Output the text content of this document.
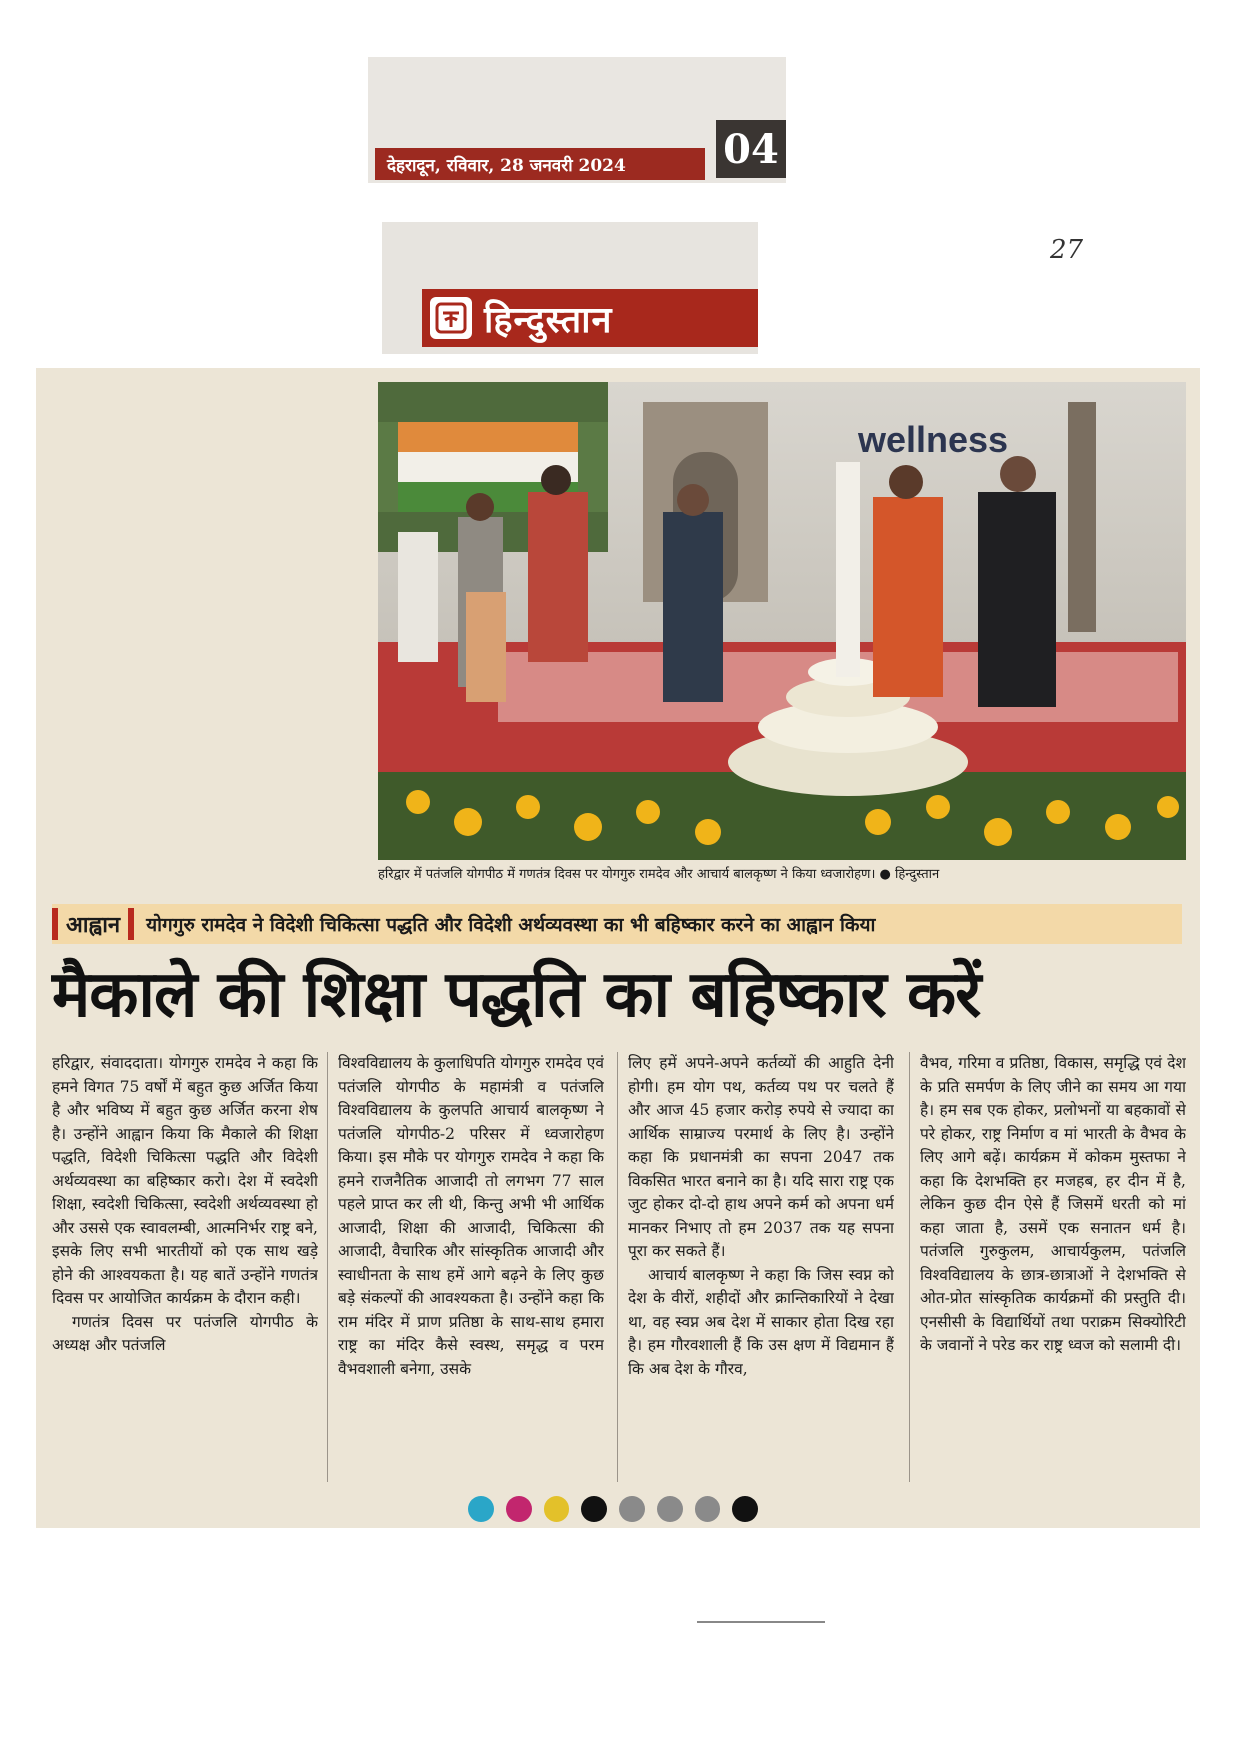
देहरादून, रविवार, 28 जनवरी 2024	04
27
हिन्दुस्तान
wellness
हरिद्वार में पतंजलि योगपीठ में गणतंत्र दिवस पर योगगुरु रामदेव और आचार्य बालकृष्ण ने किया ध्वजारोहण। ● हिन्दुस्तान
आह्वान	योगगुरु रामदेव ने विदेशी चिकित्सा पद्धति और विदेशी अर्थव्यवस्था का भी बहिष्कार करने का आह्वान किया
मैकाले की शिक्षा पद्धति का बहिष्कार करें

हरिद्वार, संवाददाता। योगगुरु रामदेव ने कहा कि हमने विगत 75 वर्षों में बहुत कुछ अर्जित किया है और भविष्य में बहुत कुछ अर्जित करना शेष है। उन्होंने आह्वान किया कि मैकाले की शिक्षा पद्धति, विदेशी चिकित्सा पद्धति और विदेशी अर्थव्यवस्था का बहिष्कार करो। देश में स्वदेशी शिक्षा, स्वदेशी चिकित्सा, स्वदेशी अर्थव्यवस्था हो और उससे एक स्वावलम्बी, आत्मनिर्भर राष्ट्र बने, इसके लिए सभी भारतीयों को एक साथ खड़े होने की आश्वयकता है। यह बातें उन्होंने गणतंत्र दिवस पर आयोजित कार्यक्रम के दौरान कही।

गणतंत्र दिवस पर पतंजलि योगपीठ के अध्यक्ष और पतंजलि

विश्वविद्यालय के कुलाधिपति योगगुरु रामदेव एवं पतंजलि योगपीठ के महामंत्री व पतंजलि विश्वविद्यालय के कुलपति आचार्य बालकृष्ण ने पतंजलि योगपीठ-2 परिसर में ध्वजारोहण किया। इस मौके पर योगगुरु रामदेव ने कहा कि हमने राजनैतिक आजादी तो लगभग 77 साल पहले प्राप्त कर ली थी, किन्तु अभी भी आर्थिक आजादी, शिक्षा की आजादी, चिकित्सा की आजादी, वैचारिक और सांस्कृतिक आजादी और स्वाधीनता के साथ हमें आगे बढ़ने के लिए कुछ बड़े संकल्पों की आवश्यकता है। उन्होंने कहा कि राम मंदिर में प्राण प्रतिष्ठा के साथ-साथ हमारा राष्ट्र का मंदिर कैसे स्वस्थ, समृद्ध व परम वैभवशाली बनेगा, उसके

लिए हमें अपने-अपने कर्तव्यों की आहुति देनी होगी। हम योग पथ, कर्तव्य पथ पर चलते हैं और आज 45 हजार करोड़ रुपये से ज्यादा का आर्थिक साम्राज्य परमार्थ के लिए है। उन्होंने कहा कि प्रधानमंत्री का सपना 2047 तक विकसित भारत बनाने का है। यदि सारा राष्ट्र एक जुट होकर दो-दो हाथ अपने कर्म को अपना धर्म मानकर निभाए तो हम 2037 तक यह सपना पूरा कर सकते हैं।

आचार्य बालकृष्ण ने कहा कि जिस स्वप्न को देश के वीरों, शहीदों और क्रान्तिकारियों ने देखा था, वह स्वप्न अब देश में साकार होता दिख रहा है। हम गौरवशाली हैं कि उस क्षण में विद्यमान हैं कि अब देश के गौरव,

वैभव, गरिमा व प्रतिष्ठा, विकास, समृद्धि एवं देश के प्रति समर्पण के लिए जीने का समय आ गया है। हम सब एक होकर, प्रलोभनों या बहकावों से परे होकर, राष्ट्र निर्माण व मां भारती के वैभव के लिए आगे बढ़ें। कार्यक्रम में कोकम मुस्तफा ने कहा कि देशभक्ति हर मजहब, हर दीन में है, लेकिन कुछ दीन ऐसे हैं जिसमें धरती को मां कहा जाता है, उसमें एक सनातन धर्म है। पतंजलि गुरुकुलम, आचार्यकुलम, पतंजलि विश्वविद्यालय के छात्र-छात्राओं ने देशभक्ति से ओत-प्रोत सांस्कृतिक कार्यक्रमों की प्रस्तुति दी। एनसीसी के विद्यार्थियों तथा पराक्रम सिक्योरिटी के जवानों ने परेड कर राष्ट्र ध्वज को सलामी दी।
